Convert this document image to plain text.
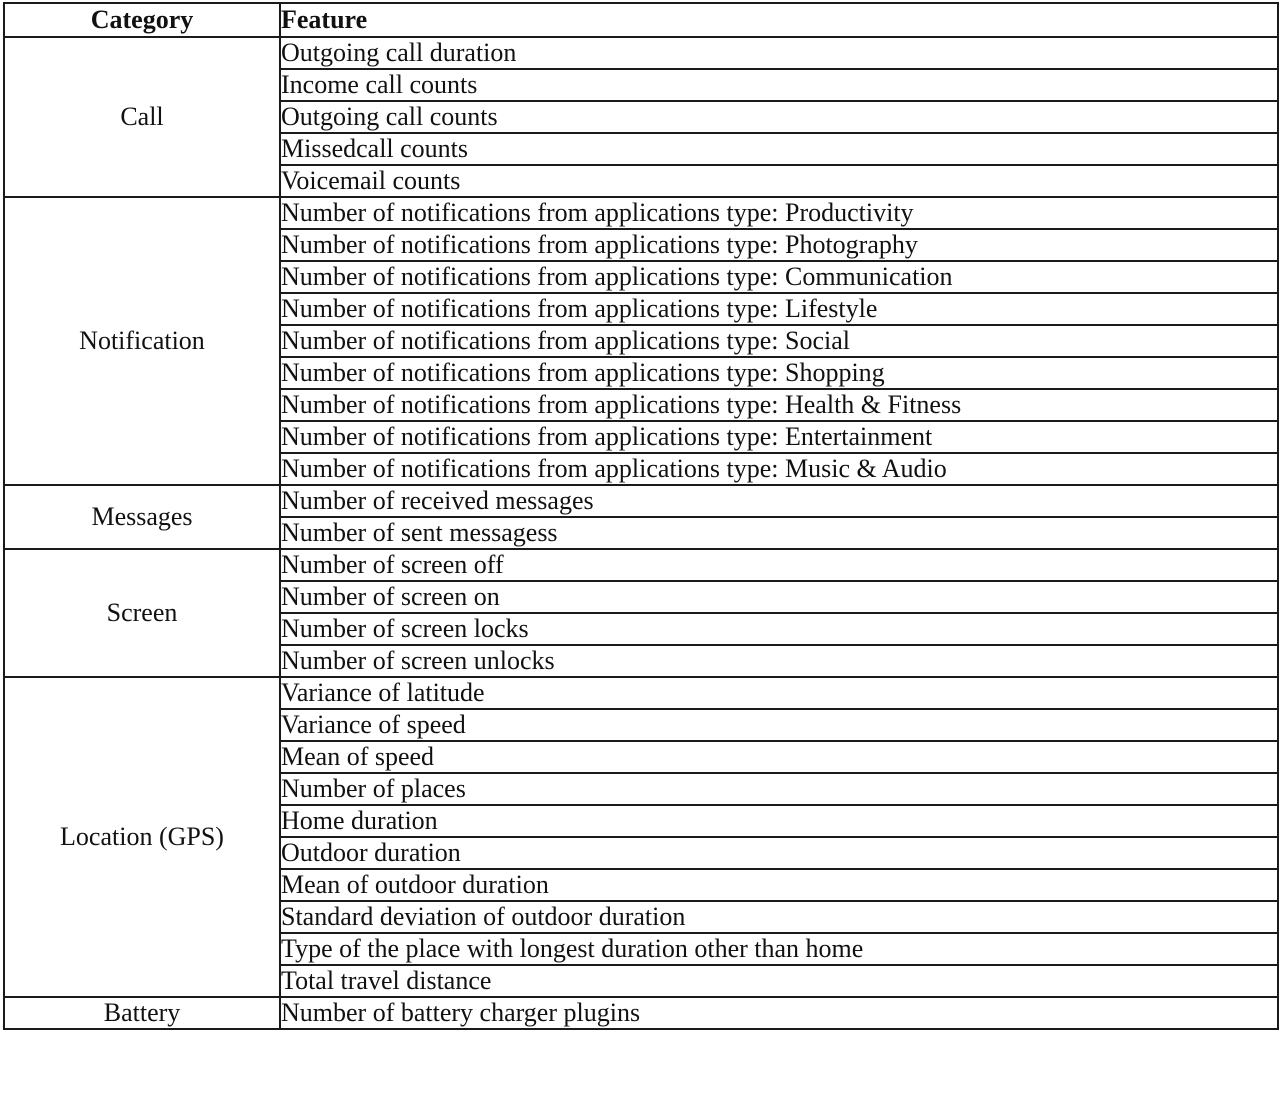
Category	Feature
Call	Outgoing call duration
	Income call counts
	Outgoing call counts
	Missedcall counts
	Voicemail counts
Notification	Number of notifications from applications type: Productivity
	Number of notifications from applications type: Photography
	Number of notifications from applications type: Communication
	Number of notifications from applications type: Lifestyle
	Number of notifications from applications type: Social
	Number of notifications from applications type: Shopping
	Number of notifications from applications type: Health & Fitness
	Number of notifications from applications type: Entertainment
	Number of notifications from applications type: Music & Audio
Messages	Number of received messages
	Number of sent messagess
Screen	Number of screen off
	Number of screen on
	Number of screen locks
	Number of screen unlocks
Location (GPS)	Variance of latitude
	Variance of speed
	Mean of speed
	Number of places
	Home duration
	Outdoor duration
	Mean of outdoor duration
	Standard deviation of outdoor duration
	Type of the place with longest duration other than home
	Total travel distance
Battery	Number of battery charger plugins
